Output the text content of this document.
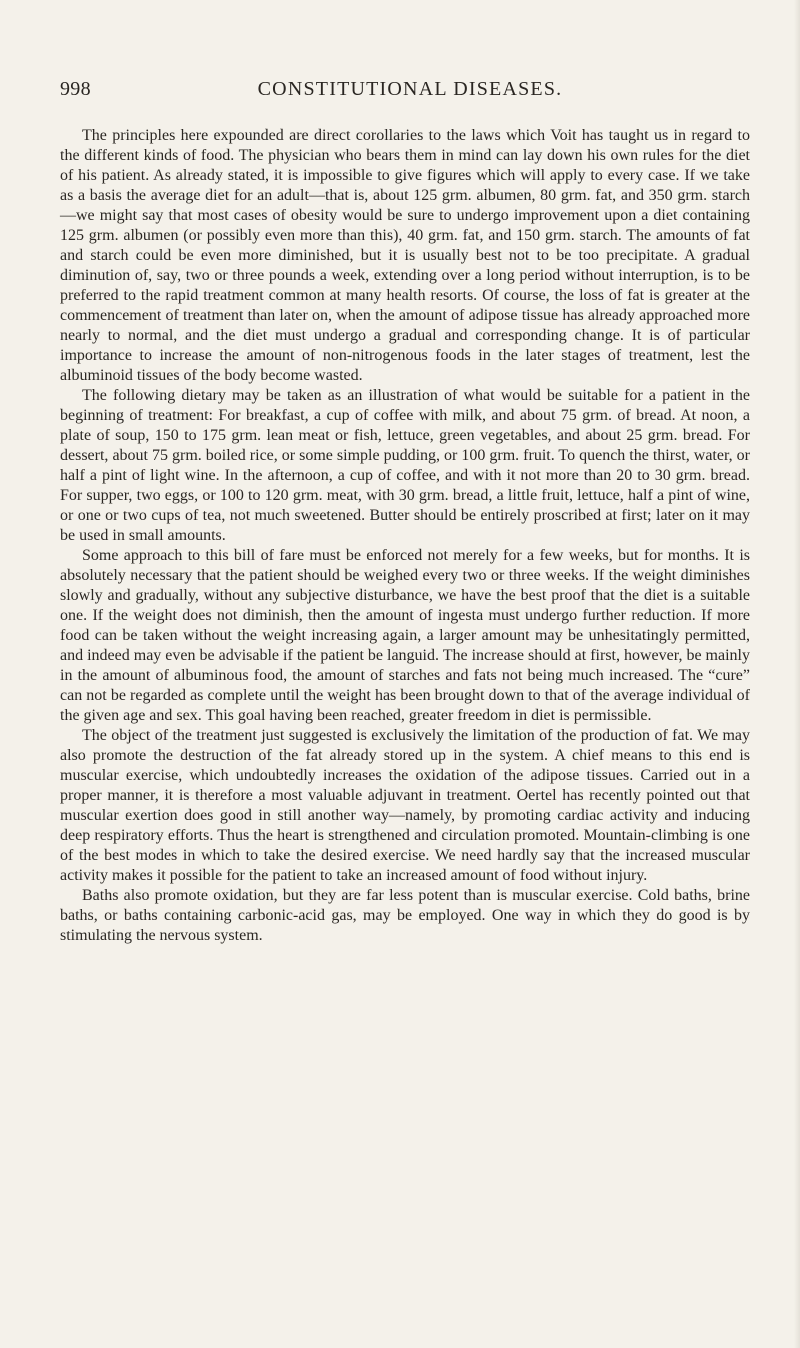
998	CONSTITUTIONAL DISEASES.

The principles here expounded are direct corollaries to the laws which Voit has taught us in regard to the different kinds of food. The physician who bears them in mind can lay down his own rules for the diet of his patient. As already stated, it is impossible to give figures which will apply to every case. If we take as a basis the average diet for an adult—that is, about 125 grm. albumen, 80 grm. fat, and 350 grm. starch—we might say that most cases of obesity would be sure to undergo improvement upon a diet containing 125 grm. albumen (or possibly even more than this), 40 grm. fat, and 150 grm. starch. The amounts of fat and starch could be even more diminished, but it is usually best not to be too precipitate. A gradual diminution of, say, two or three pounds a week, extending over a long period without interruption, is to be preferred to the rapid treatment common at many health resorts. Of course, the loss of fat is greater at the commencement of treatment than later on, when the amount of adipose tissue has already approached more nearly to normal, and the diet must undergo a gradual and corresponding change. It is of particular importance to increase the amount of non-nitrogenous foods in the later stages of treatment, lest the albuminoid tissues of the body become wasted.

The following dietary may be taken as an illustration of what would be suitable for a patient in the beginning of treatment: For breakfast, a cup of coffee with milk, and about 75 grm. of bread. At noon, a plate of soup, 150 to 175 grm. lean meat or fish, lettuce, green vegetables, and about 25 grm. bread. For dessert, about 75 grm. boiled rice, or some simple pudding, or 100 grm. fruit. To quench the thirst, water, or half a pint of light wine. In the afternoon, a cup of coffee, and with it not more than 20 to 30 grm. bread. For supper, two eggs, or 100 to 120 grm. meat, with 30 grm. bread, a little fruit, lettuce, half a pint of wine, or one or two cups of tea, not much sweetened. Butter should be entirely proscribed at first; later on it may be used in small amounts.

Some approach to this bill of fare must be enforced not merely for a few weeks, but for months. It is absolutely necessary that the patient should be weighed every two or three weeks. If the weight diminishes slowly and gradually, without any subjective disturbance, we have the best proof that the diet is a suitable one. If the weight does not diminish, then the amount of ingesta must undergo further reduction. If more food can be taken without the weight increasing again, a larger amount may be unhesitatingly permitted, and indeed may even be advisable if the patient be languid. The increase should at first, however, be mainly in the amount of albuminous food, the amount of starches and fats not being much increased. The “cure” can not be regarded as complete until the weight has been brought down to that of the average individual of the given age and sex. This goal having been reached, greater freedom in diet is permissible.

The object of the treatment just suggested is exclusively the limitation of the production of fat. We may also promote the destruction of the fat already stored up in the system. A chief means to this end is muscular exercise, which undoubtedly increases the oxidation of the adipose tissues. Carried out in a proper manner, it is therefore a most valuable adjuvant in treatment. Oertel has recently pointed out that muscular exertion does good in still another way—namely, by promoting cardiac activity and inducing deep respiratory efforts. Thus the heart is strengthened and circulation promoted. Mountain-climbing is one of the best modes in which to take the desired exercise. We need hardly say that the increased muscular activity makes it possible for the patient to take an increased amount of food without injury.

Baths also promote oxidation, but they are far less potent than is muscular exercise. Cold baths, brine baths, or baths containing carbonic-acid gas, may be employed. One way in which they do good is by stimulating the nervous system.
